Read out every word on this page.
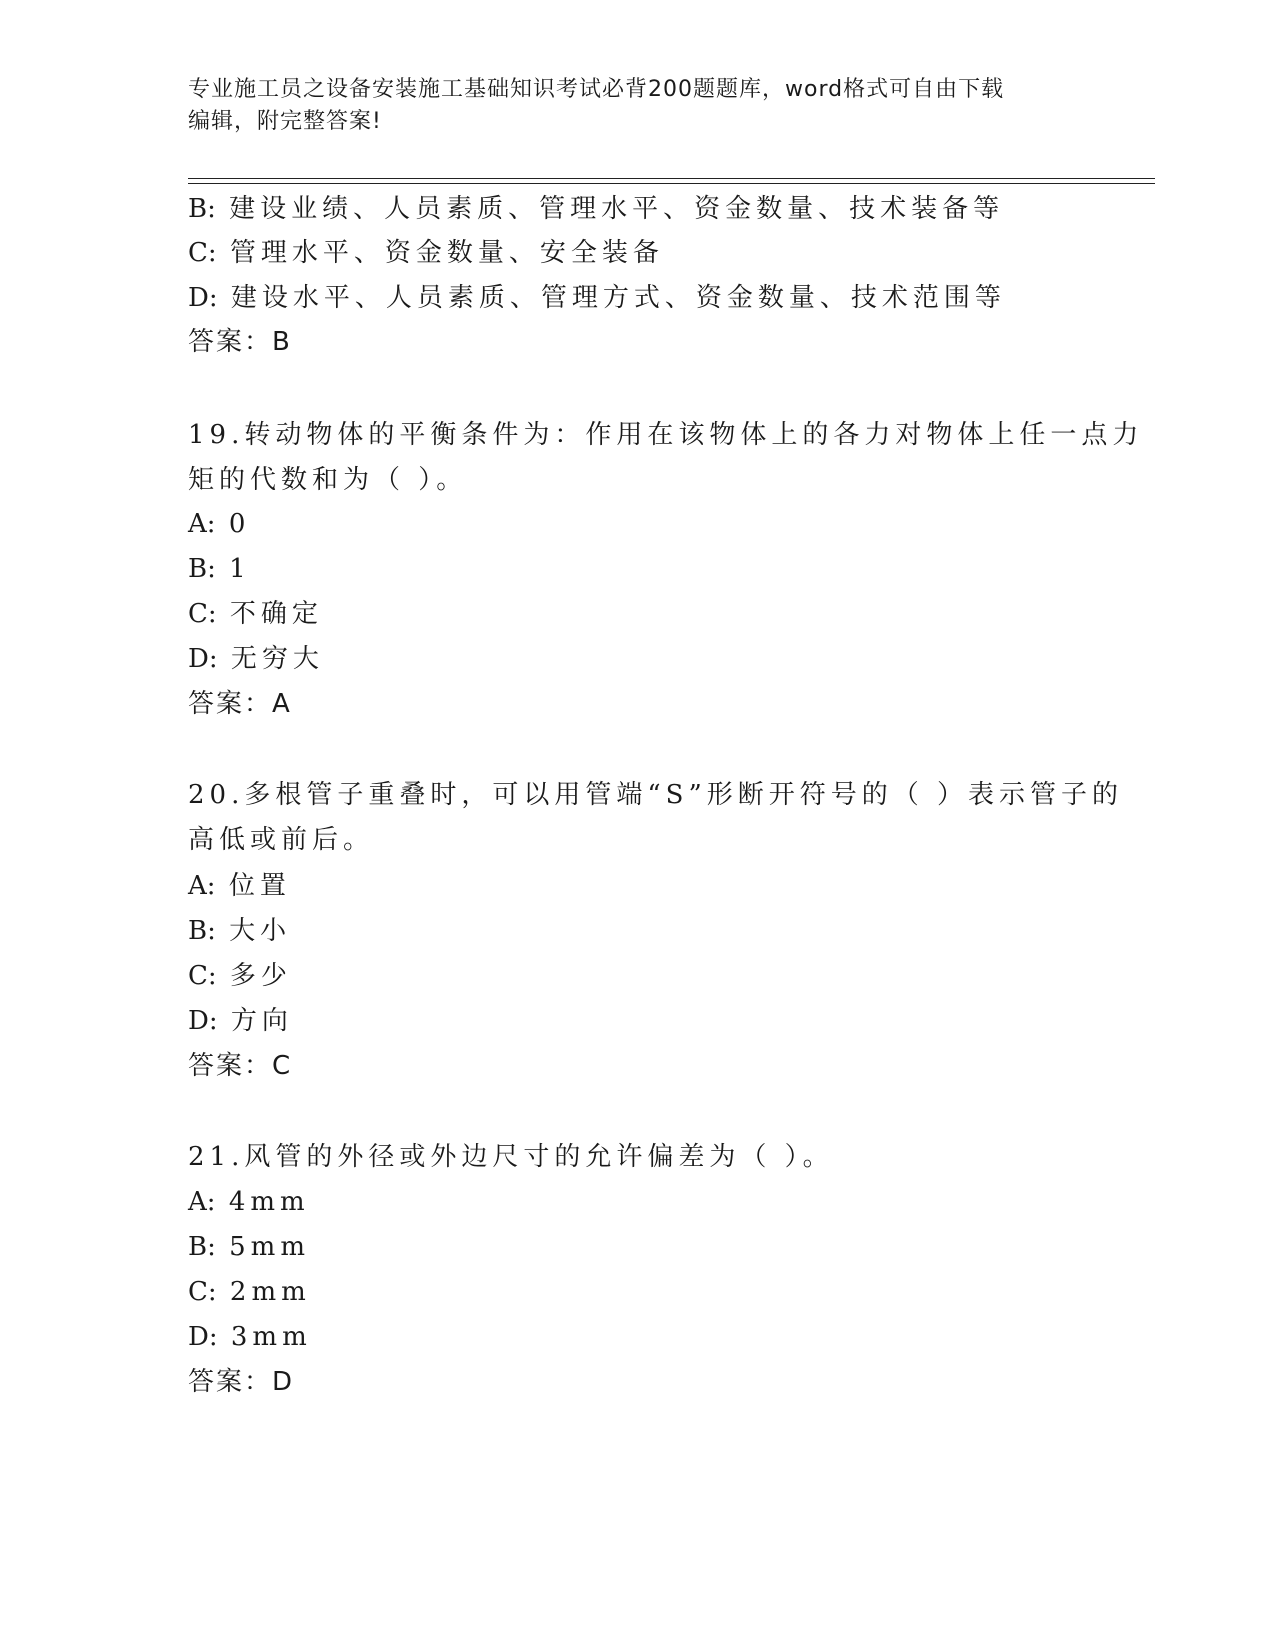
专业施工员之设备安装施工基础知识考试必背200题题库，word格式可自由下载
编辑，附完整答案!
B: 建设业绩、人员素质、管理水平、资金数量、技术装备等
C: 管理水平、资金数量、安全装备
D: 建设水平、人员素质、管理方式、资金数量、技术范围等
答案：B
19.转动物体的平衡条件为：作用在该物体上的各力对物体上任一点力
矩的代数和为（ ）。
A: 0
B: 1
C: 不确定
D: 无穷大
答案：A
20.多根管子重叠时，可以用管端“S”形断开符号的（ ）表示管子的
高低或前后。
A: 位置
B: 大小
C: 多少
D: 方向
答案：C
21.风管的外径或外边尺寸的允许偏差为（ ）。
A: 4mm
B: 5mm
C: 2mm
D: 3mm
答案：D
